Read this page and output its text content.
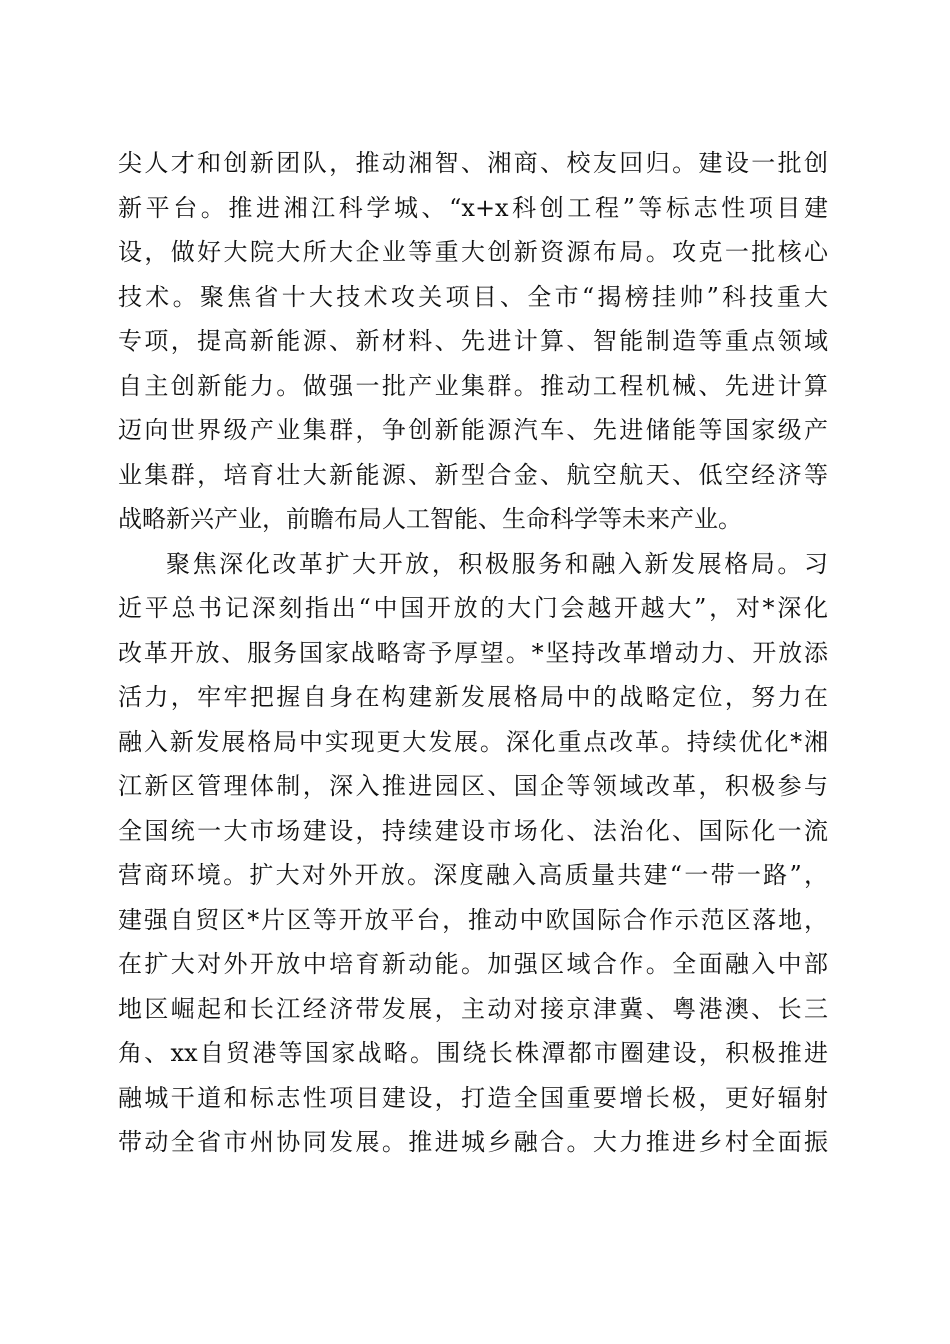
尖人才和创新团队，推动湘智、湘商、校友回归。建设一批创
新平台。推进湘江科学城、“x+x科创工程”等标志性项目建
设，做好大院大所大企业等重大创新资源布局。攻克一批核心
技术。聚焦省十大技术攻关项目、全市“揭榜挂帅”科技重大
专项，提高新能源、新材料、先进计算、智能制造等重点领域
自主创新能力。做强一批产业集群。推动工程机械、先进计算
迈向世界级产业集群，争创新能源汽车、先进储能等国家级产
业集群，培育壮大新能源、新型合金、航空航天、低空经济等
战略新兴产业，前瞻布局人工智能、生命科学等未来产业。
聚焦深化改革扩大开放，积极服务和融入新发展格局。习
近平总书记深刻指出“中国开放的大门会越开越大”，对*深化
改革开放、服务国家战略寄予厚望。*坚持改革增动力、开放添
活力，牢牢把握自身在构建新发展格局中的战略定位，努力在
融入新发展格局中实现更大发展。深化重点改革。持续优化*湘
江新区管理体制，深入推进园区、国企等领域改革，积极参与
全国统一大市场建设，持续建设市场化、法治化、国际化一流
营商环境。扩大对外开放。深度融入高质量共建“一带一路”，
建强自贸区*片区等开放平台，推动中欧国际合作示范区落地，
在扩大对外开放中培育新动能。加强区域合作。全面融入中部
地区崛起和长江经济带发展，主动对接京津冀、粤港澳、长三
角、xx自贸港等国家战略。围绕长株潭都市圈建设，积极推进
融城干道和标志性项目建设，打造全国重要增长极，更好辐射
带动全省市州协同发展。推进城乡融合。大力推进乡村全面振
